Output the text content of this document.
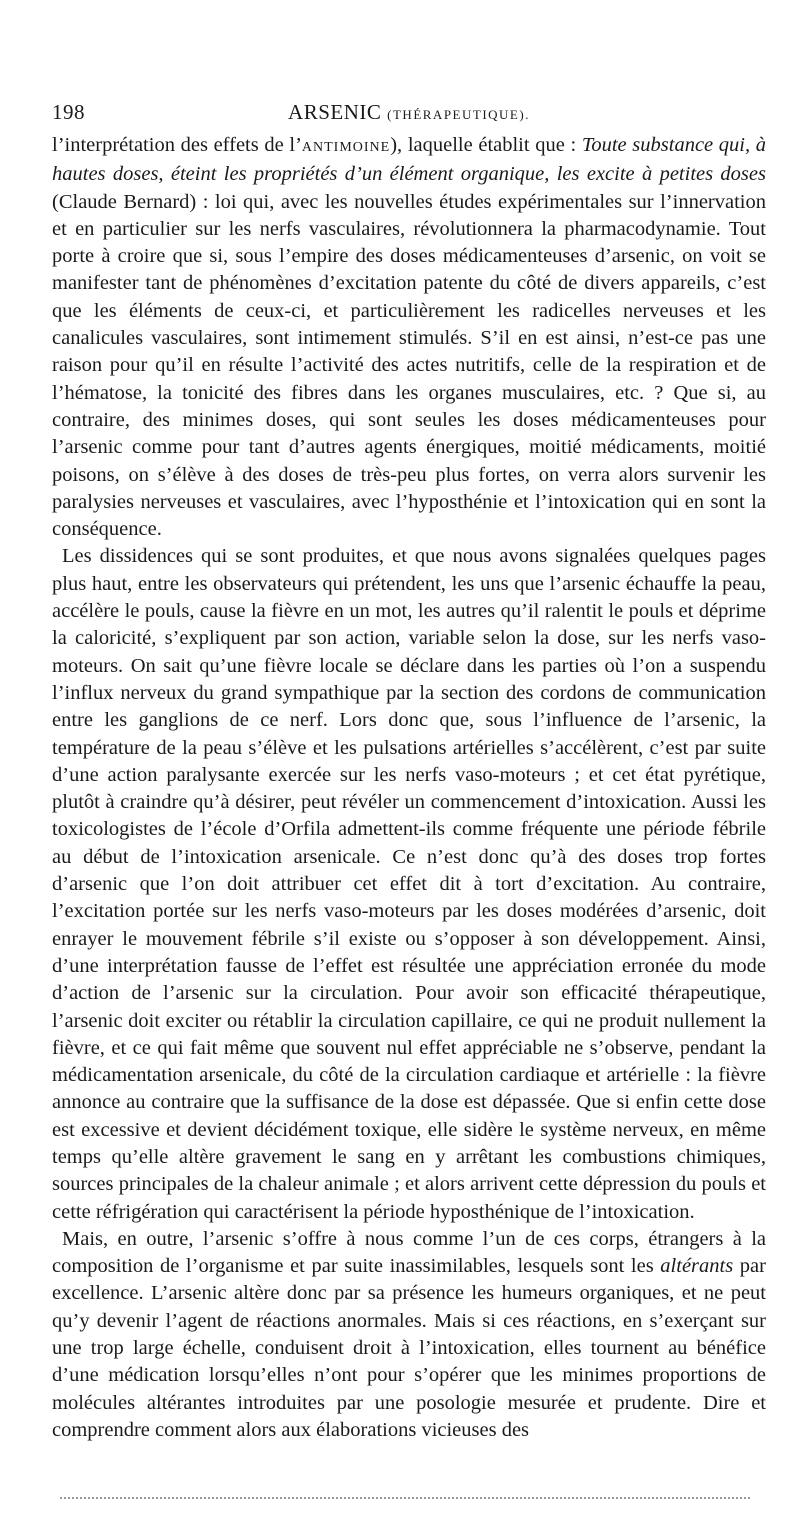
198	ARSENIC (THÉRAPEUTIQUE).

l’interprétation des effets de l’ANTIMOINE), laquelle établit que : Toute substance qui, à hautes doses, éteint les propriétés d’un élément organique, les excite à petites doses (Claude Bernard) : loi qui, avec les nouvelles études expérimentales sur l’innervation et en particulier sur les nerfs vasculaires, révolutionnera la pharmacodynamie. Tout porte à croire que si, sous l’empire des doses médicamenteuses d’arsenic, on voit se manifester tant de phénomènes d’excitation patente du côté de divers appareils, c’est que les éléments de ceux-ci, et particulièrement les radicelles nerveuses et les canalicules vasculaires, sont intimement stimulés. S’il en est ainsi, n’est-ce pas une raison pour qu’il en résulte l’activité des actes nutritifs, celle de la respiration et de l’hématose, la tonicité des fibres dans les organes musculaires, etc. ? Que si, au contraire, des minimes doses, qui sont seules les doses médicamenteuses pour l’arsenic comme pour tant d’autres agents énergiques, moitié médicaments, moitié poisons, on s’élève à des doses de très-peu plus fortes, on verra alors survenir les paralysies nerveuses et vasculaires, avec l’hyposthénie et l’intoxication qui en sont la conséquence.

Les dissidences qui se sont produites, et que nous avons signalées quelques pages plus haut, entre les observateurs qui prétendent, les uns que l’arsenic échauffe la peau, accélère le pouls, cause la fièvre en un mot, les autres qu’il ralentit le pouls et déprime la caloricité, s’expliquent par son action, variable selon la dose, sur les nerfs vaso-moteurs. On sait qu’une fièvre locale se déclare dans les parties où l’on a suspendu l’influx nerveux du grand sympathique par la section des cordons de communication entre les ganglions de ce nerf. Lors donc que, sous l’influence de l’arsenic, la température de la peau s’élève et les pulsations artérielles s’accélèrent, c’est par suite d’une action paralysante exercée sur les nerfs vaso-moteurs ; et cet état pyrétique, plutôt à craindre qu’à désirer, peut révéler un commencement d’intoxication. Aussi les toxicologistes de l’école d’Orfila admettent-ils comme fréquente une période fébrile au début de l’intoxication arsenicale. Ce n’est donc qu’à des doses trop fortes d’arsenic que l’on doit attribuer cet effet dit à tort d’excitation. Au contraire, l’excitation portée sur les nerfs vaso-moteurs par les doses modérées d’arsenic, doit enrayer le mouvement fébrile s’il existe ou s’opposer à son développement. Ainsi, d’une interprétation fausse de l’effet est résultée une appréciation erronée du mode d’action de l’arsenic sur la circulation. Pour avoir son efficacité thérapeutique, l’arsenic doit exciter ou rétablir la circulation capillaire, ce qui ne produit nullement la fièvre, et ce qui fait même que souvent nul effet appréciable ne s’observe, pendant la médicamentation arsenicale, du côté de la circulation cardiaque et artérielle : la fièvre annonce au contraire que la suffisance de la dose est dépassée. Que si enfin cette dose est excessive et devient décidément toxique, elle sidère le système nerveux, en même temps qu’elle altère gravement le sang en y arrêtant les combustions chimiques, sources principales de la chaleur animale ; et alors arrivent cette dépression du pouls et cette réfrigération qui caractérisent la période hyposthénique de l’intoxication.

Mais, en outre, l’arsenic s’offre à nous comme l’un de ces corps, étrangers à la composition de l’organisme et par suite inassimilables, lesquels sont les altérants par excellence. L’arsenic altère donc par sa présence les humeurs organiques, et ne peut qu’y devenir l’agent de réactions anormales. Mais si ces réactions, en s’exerçant sur une trop large échelle, conduisent droit à l’intoxication, elles tournent au bénéfice d’une médication lorsqu’elles n’ont pour s’opérer que les minimes proportions de molécules altérantes introduites par une posologie mesurée et prudente. Dire et comprendre comment alors aux élaborations vicieuses des
